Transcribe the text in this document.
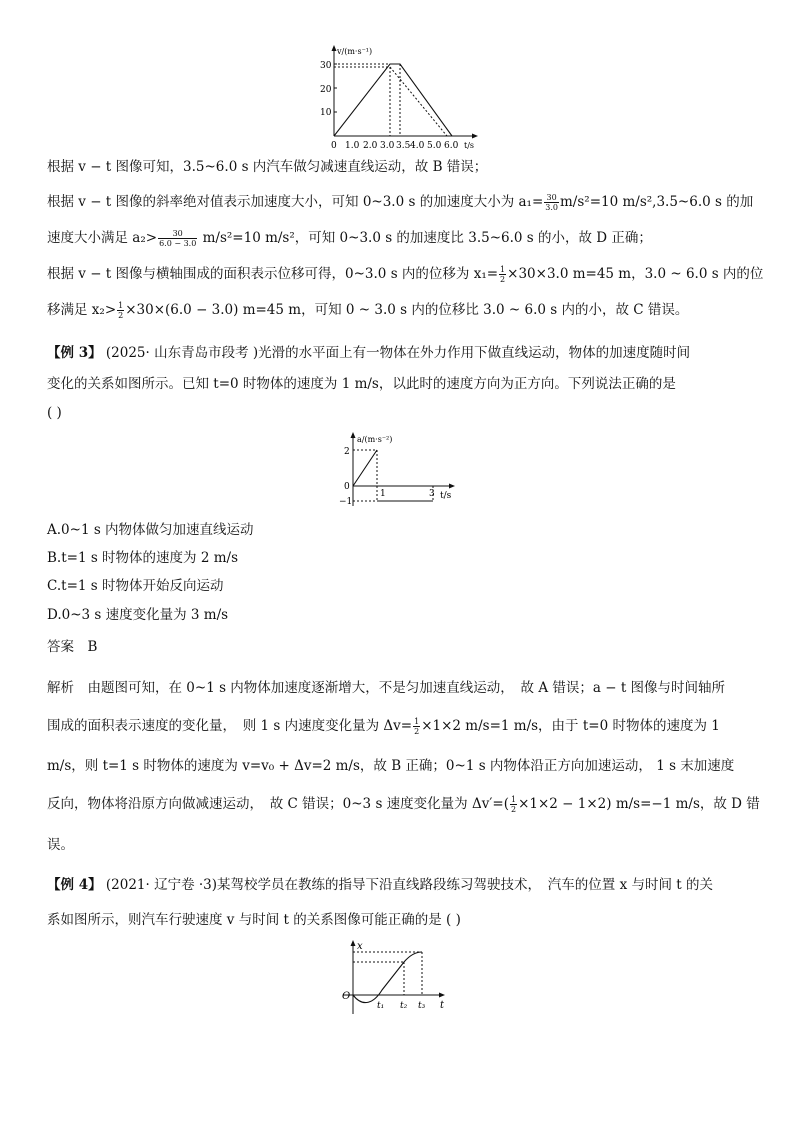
v/(m·s⁻¹)
t/s
30
20
10
0 1.0 2.0 3.0 3.5 4.0 5.0 6.0
根据 v − t 图像可知，3.5~6.0 s 内汽车做匀减速直线运动，故 B 错误；
根据 v − t 图像的斜率绝对值表示加速度大小，可知 0~3.0 s 的加速度大小为 $a_1= \frac{30}{3.0} m/s^2=10$ m/s²,3.5~6.0 s 的加
速度大小满足 $a_2> \frac{30}{6.0 - 3.0} m/s^2=10$ m/s²，可知 0~3.0 s 的加速度比 3.5~6.0 s 的小，故 D 正确；
根据 v − t 图像与横轴围成的面积表示位移可得，0~3.0 s 内的位移为 $x_1= \frac{1}{2} \times 30\times 3.0$ m=45 m，3.0 ~ 6.0 s 内的位
移满足 $x_2> \frac{1}{2} \times 30\times(6.0 - 3.0)$ m=45 m，可知 0 ~ 3.0 s 内的位移比 3.0 ~ 6.0 s 内的小，故 C 错误。
【例 3】 (2025· 山东青岛市段考 )光滑的水平面上有一物体在外力作用下做直线运动，物体的加速度随时间
变化的关系如图所示。已知 t=0 时物体的速度为 1 m/s，以此时的速度方向为正方向。下列说法正确的是
( )
a/(m·s⁻²)
t/s
2
0
−1
1	3
A.0~1 s 内物体做匀加速直线运动
B.t=1 s 时物体的速度为 2 m/s
C.t=1 s 时物体开始反向运动
D.0~3 s 速度变化量为 3 m/s
答案　B
解析　由题图可知，在 0~1 s 内物体加速度逐渐增大，不是匀加速直线运动，　故 A 错误；a − t 图像与时间轴所
围成的面积表示速度的变化量，　则 1 s 内速度变化量为 $\Delta v= \frac{1}{2} \times 1\times 2$ m/s=1 m/s，由于 t=0 时物体的速度为 1
m/s，则 t=1 s 时物体的速度为 v=v₀ + Δv=2 m/s，故 B 正确；0~1 s 内物体沿正方向加速运动， 1 s 末加速度
反向，物体将沿原方向做减速运动，　故 C 错误；0~3 s 速度变化量为 $\Delta v'=( \frac{1}{2} \times 1\times 2 - 1\times 2)$ m/s=−1 m/s，故 D 错
误。
【例 4】 (2021· 辽宁卷 ·3)某驾校学员在教练的指导下沿直线路段练习驾驶技术，　汽车的位置 x 与时间 t 的关
系如图所示，则汽车行驶速度 v 与时间 t 的关系图像可能正确的是 ( )
x
O
t
t₁ t₂ t₃
